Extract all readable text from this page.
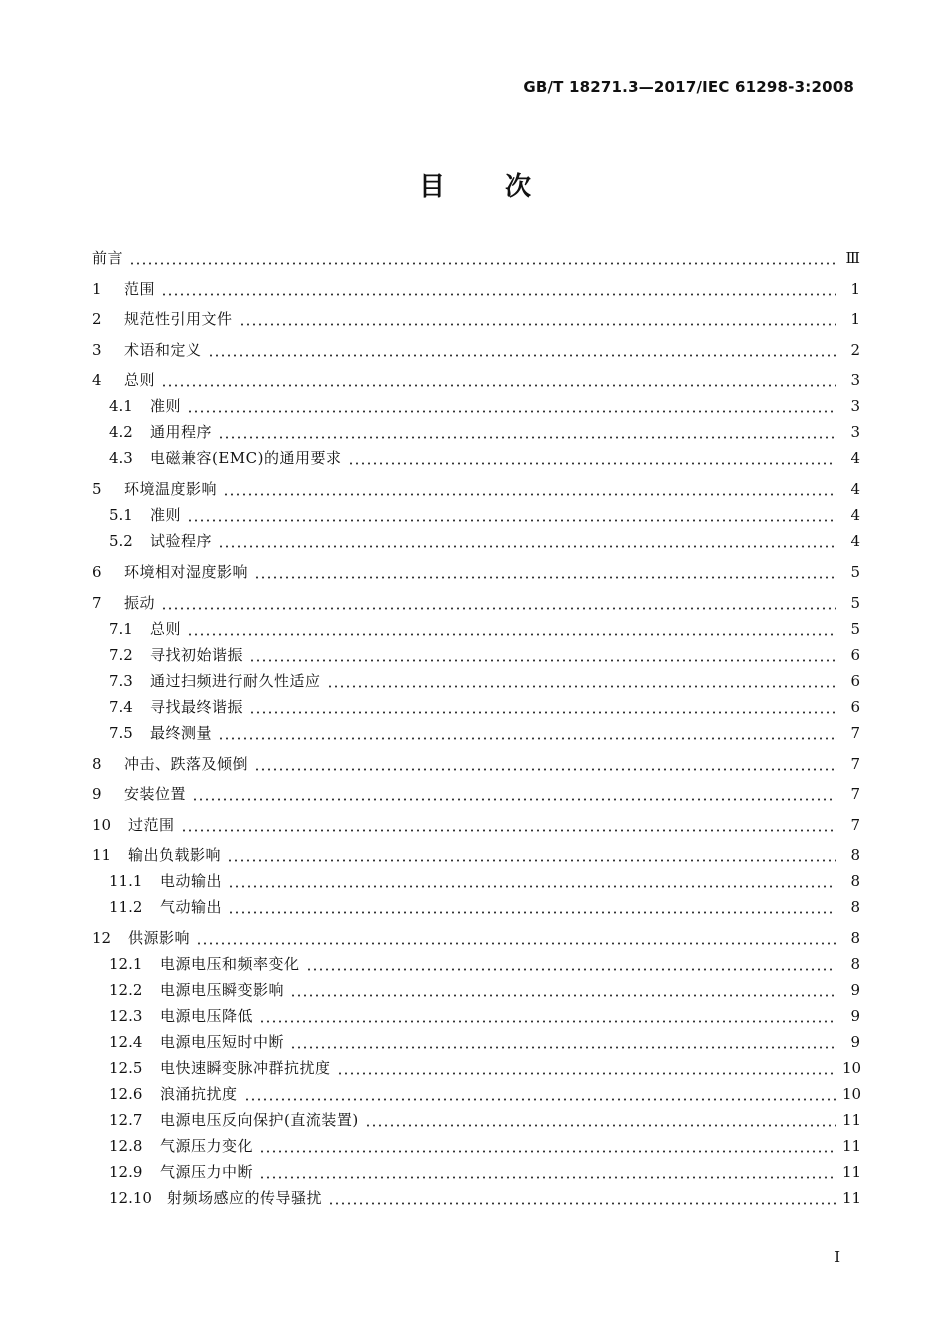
GB/T 18271.3—2017/IEC 61298-3:2008
目 次
前言	Ⅲ
1	范围	1
2	规范性引用文件	1
3	术语和定义	2
4	总则	3
4.1	准则	3
4.2	通用程序	3
4.3	电磁兼容(EMC)的通用要求	4
5	环境温度影响	4
5.1	准则	4
5.2	试验程序	4
6	环境相对湿度影响	5
7	振动	5
7.1	总则	5
7.2	寻找初始谐振	6
7.3	通过扫频进行耐久性适应	6
7.4	寻找最终谐振	6
7.5	最终测量	7
8	冲击、跌落及倾倒	7
9	安装位置	7
10	过范围	7
11	输出负载影响	8
11.1	电动输出	8
11.2	气动输出	8
12	供源影响	8
12.1	电源电压和频率变化	8
12.2	电源电压瞬变影响	9
12.3	电源电压降低	9
12.4	电源电压短时中断	9
12.5	电快速瞬变脉冲群抗扰度	10
12.6	浪涌抗扰度	10
12.7	电源电压反向保护(直流装置)	11
12.8	气源压力变化	11
12.9	气源压力中断	11
12.10	射频场感应的传导骚扰	11
I
